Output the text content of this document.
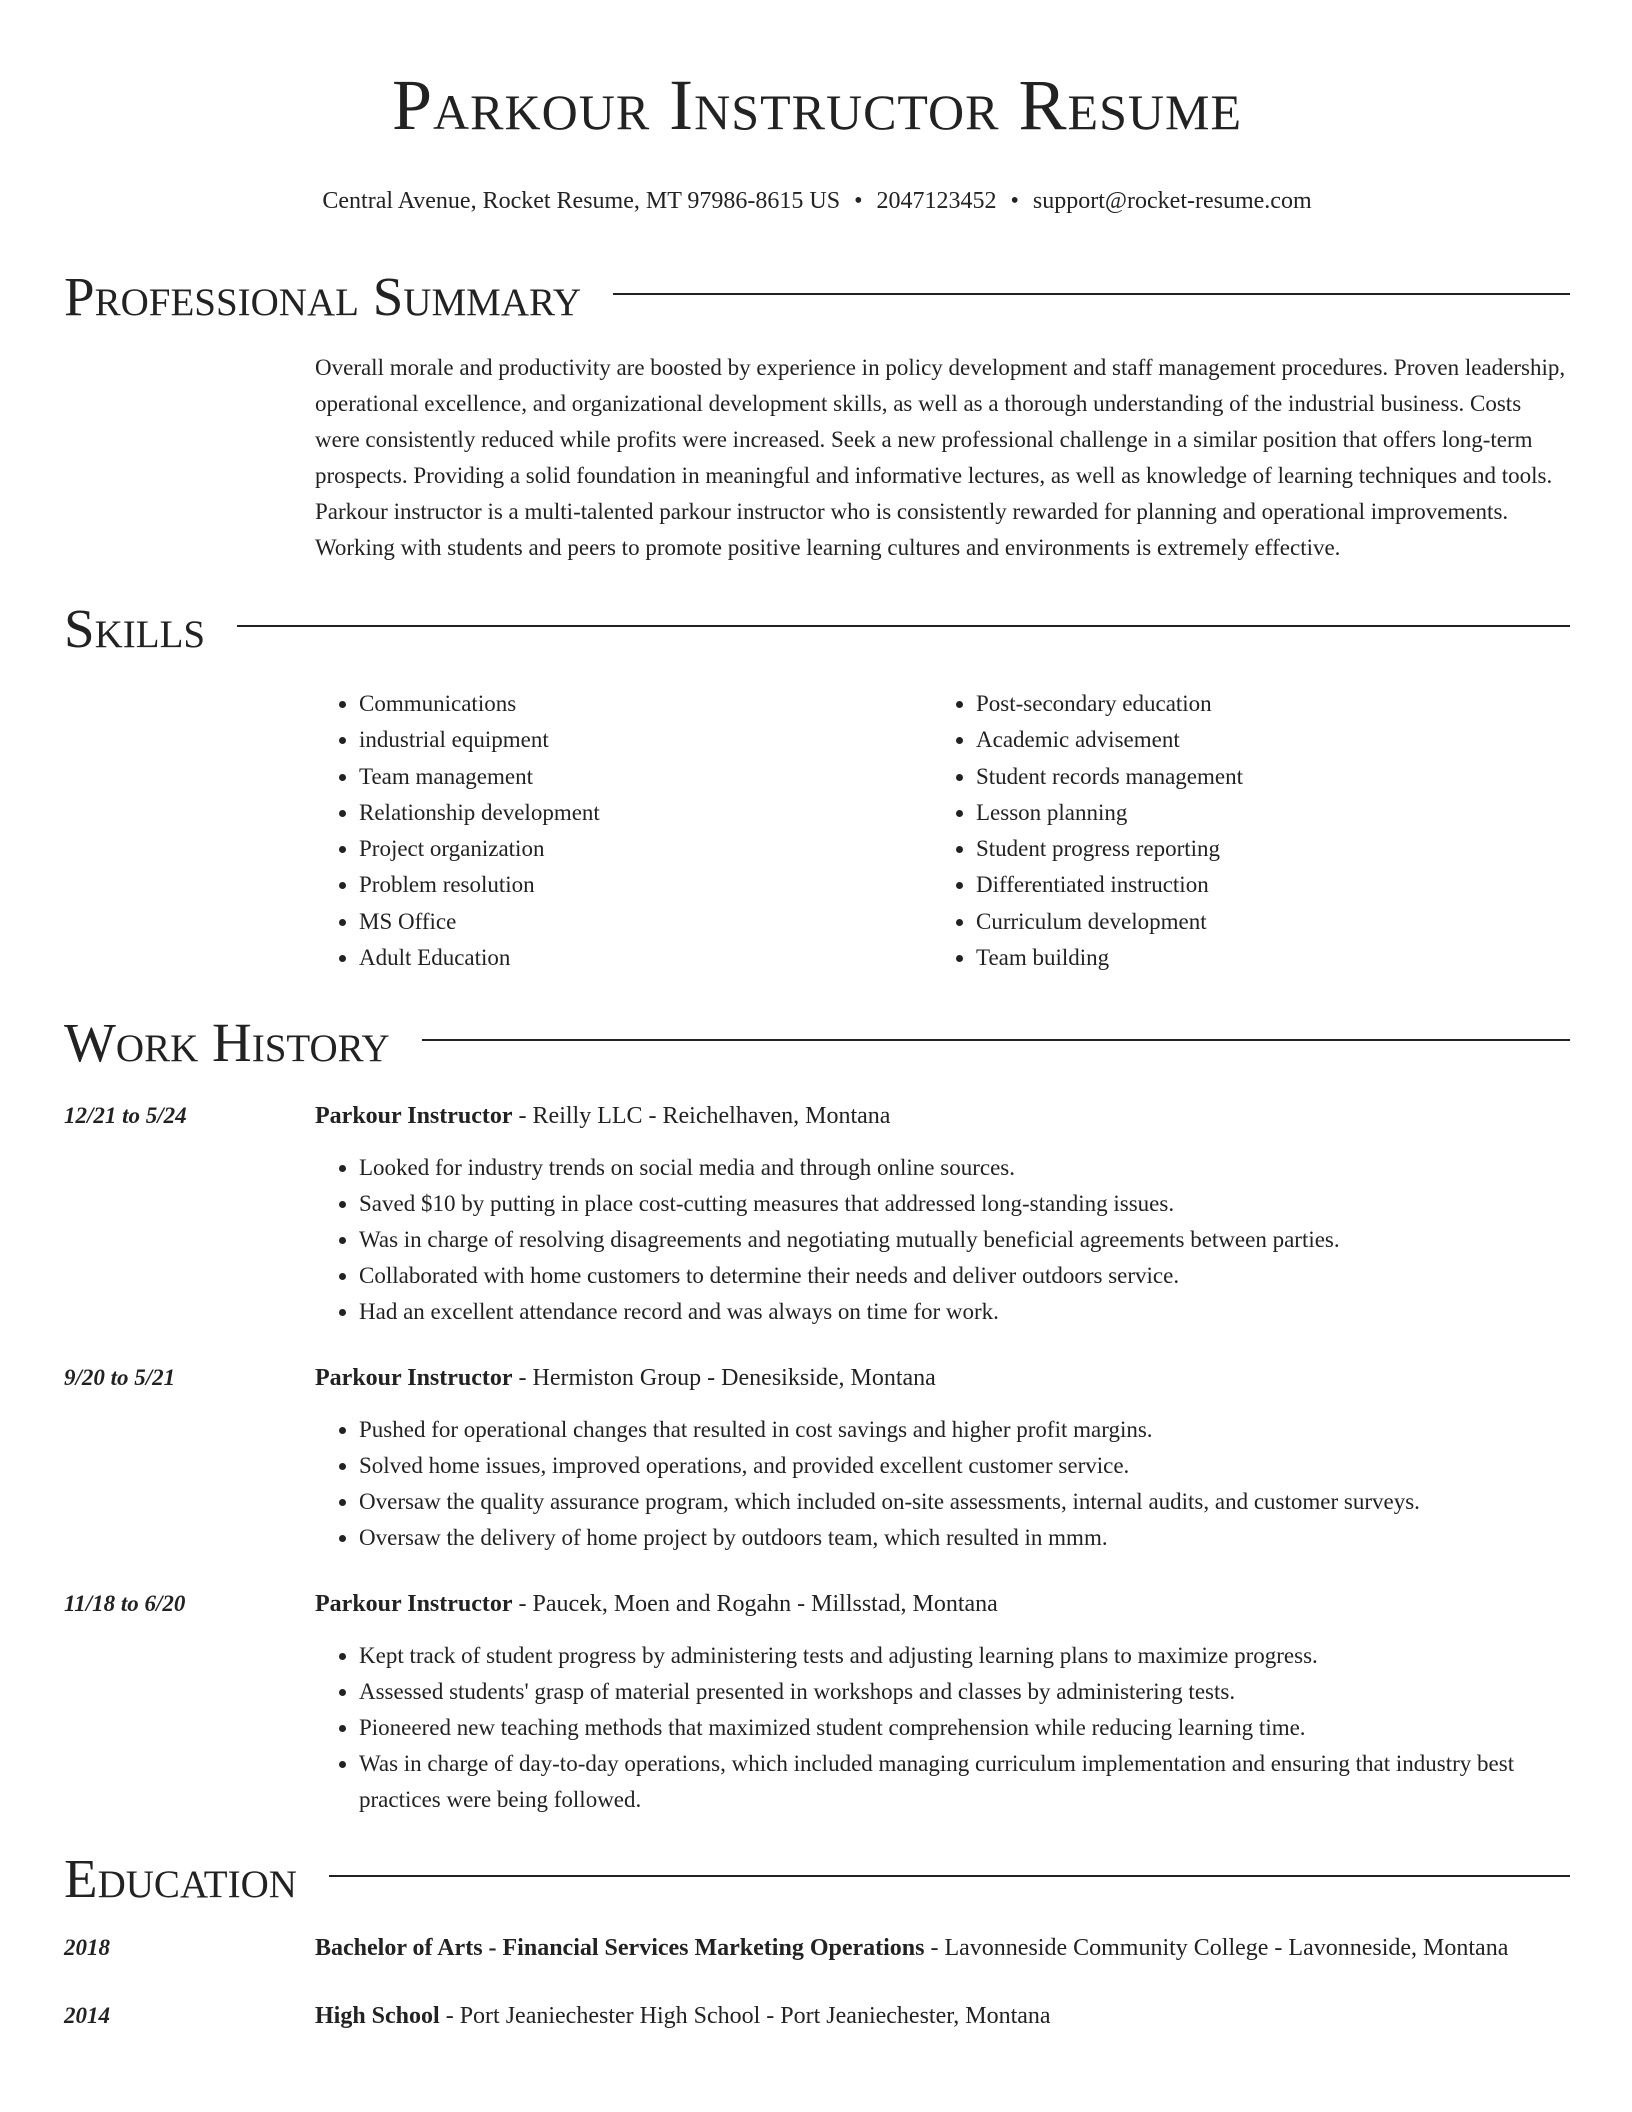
Parkour Instructor Resume
Central Avenue, Rocket Resume, MT 97986-8615 US • 2047123452 • support@rocket-resume.com
Professional Summary
Overall morale and productivity are boosted by experience in policy development and staff management procedures. Proven leadership, operational excellence, and organizational development skills, as well as a thorough understanding of the industrial business. Costs were consistently reduced while profits were increased. Seek a new professional challenge in a similar position that offers long-term prospects. Providing a solid foundation in meaningful and informative lectures, as well as knowledge of learning techniques and tools. Parkour instructor is a multi-talented parkour instructor who is consistently rewarded for planning and operational improvements. Working with students and peers to promote positive learning cultures and environments is extremely effective.
Skills
• Communications
• industrial equipment
• Team management
• Relationship development
• Project organization
• Problem resolution
• MS Office
• Adult Education
• Post-secondary education
• Academic advisement
• Student records management
• Lesson planning
• Student progress reporting
• Differentiated instruction
• Curriculum development
• Team building
Work History
12/21 to 5/24	Parkour Instructor - Reilly LLC - Reichelhaven, Montana
• Looked for industry trends on social media and through online sources.
• Saved $10 by putting in place cost-cutting measures that addressed long-standing issues.
• Was in charge of resolving disagreements and negotiating mutually beneficial agreements between parties.
• Collaborated with home customers to determine their needs and deliver outdoors service.
• Had an excellent attendance record and was always on time for work.
9/20 to 5/21	Parkour Instructor - Hermiston Group - Denesikside, Montana
• Pushed for operational changes that resulted in cost savings and higher profit margins.
• Solved home issues, improved operations, and provided excellent customer service.
• Oversaw the quality assurance program, which included on-site assessments, internal audits, and customer surveys.
• Oversaw the delivery of home project by outdoors team, which resulted in mmm.
11/18 to 6/20	Parkour Instructor - Paucek, Moen and Rogahn - Millsstad, Montana
• Kept track of student progress by administering tests and adjusting learning plans to maximize progress.
• Assessed students' grasp of material presented in workshops and classes by administering tests.
• Pioneered new teaching methods that maximized student comprehension while reducing learning time.
• Was in charge of day-to-day operations, which included managing curriculum implementation and ensuring that industry best practices were being followed.
Education
2018	Bachelor of Arts - Financial Services Marketing Operations - Lavonneside Community College - Lavonneside, Montana
2014	High School - Port Jeaniechester High School - Port Jeaniechester, Montana
